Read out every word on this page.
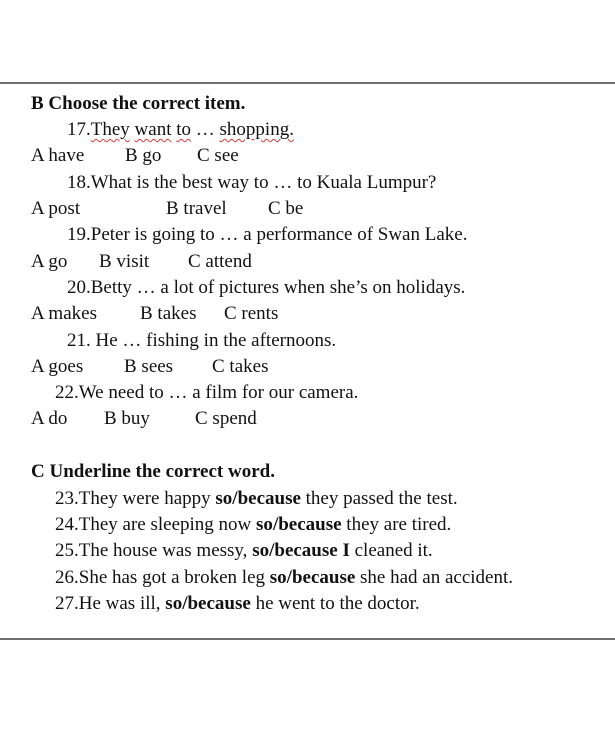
B Choose the correct item.
17.They want to … shopping.
A have B go C see
18.What is the best way to … to Kuala Lumpur?
A post	B travel C be
19.Peter is going to … a performance of Swan Lake.
A go B visit C attend
20.Betty … a lot of pictures when she’s on holidays.
A makes B takes C rents
21. He … fishing in the afternoons.
A goes B sees C takes
22.We need to … a film for our camera.
A do B buy C spend
C Underline the correct word.
23.They were happy so/because they passed the test.
24.They are sleeping now so/because they are tired.
25.The house was messy, so/because I cleaned it.
26.She has got a broken leg so/because she had an accident.
27.He was ill, so/because he went to the doctor.
